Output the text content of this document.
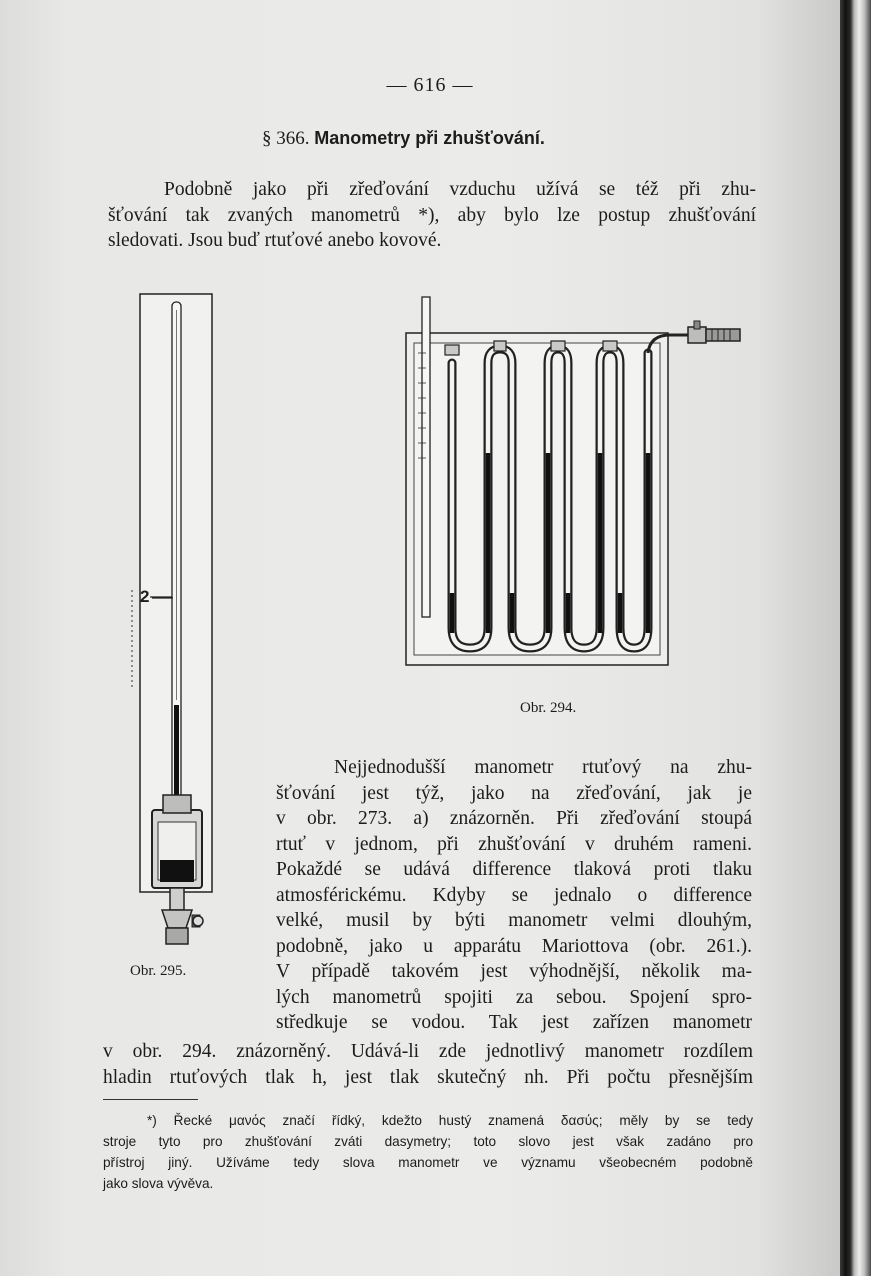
— 616 —
§ 366. Manometry při zhušťování.
Podobně jako při zřeďování vzduchu užívá se též při zhu-
šťování tak zvaných manometrů *), aby bylo lze postup zhušťování
sledovati. Jsou buď rtuťové anebo kovové.
2
Obr. 294.
Obr. 295.
Nejjednodušší manometr rtuťový na zhu-
šťování jest týž, jako na zřeďování, jak je
v obr. 273. a) znázorněn. Při zřeďování stoupá
rtuť v jednom, při zhušťování v druhém rameni.
Pokaždé se udává difference tlaková proti tlaku
atmosférickému. Kdyby se jednalo o difference
velké, musil by býti manometr velmi dlouhým,
podobně, jako u apparátu Mariottova (obr. 261.).
V případě takovém jest výhodnější, několik ma-
lých manometrů spojiti za sebou. Spojení spro-
středkuje se vodou. Tak jest zařízen manometr
v obr. 294. znázorněný. Udává-li zde jednotlivý manometr rozdílem
hladin rtuťových tlak h, jest tlak skutečný nh. Při počtu přesnějším
*) Řecké μανός značí řídký, kdežto hustý znamená δασύς; měly by se tedy
stroje tyto pro zhušťování zváti dasymetry; toto slovo jest však zadáno pro
přístroj jiný. Užíváme tedy slova manometr ve významu všeobecném podobně
jako slova vývěva.
